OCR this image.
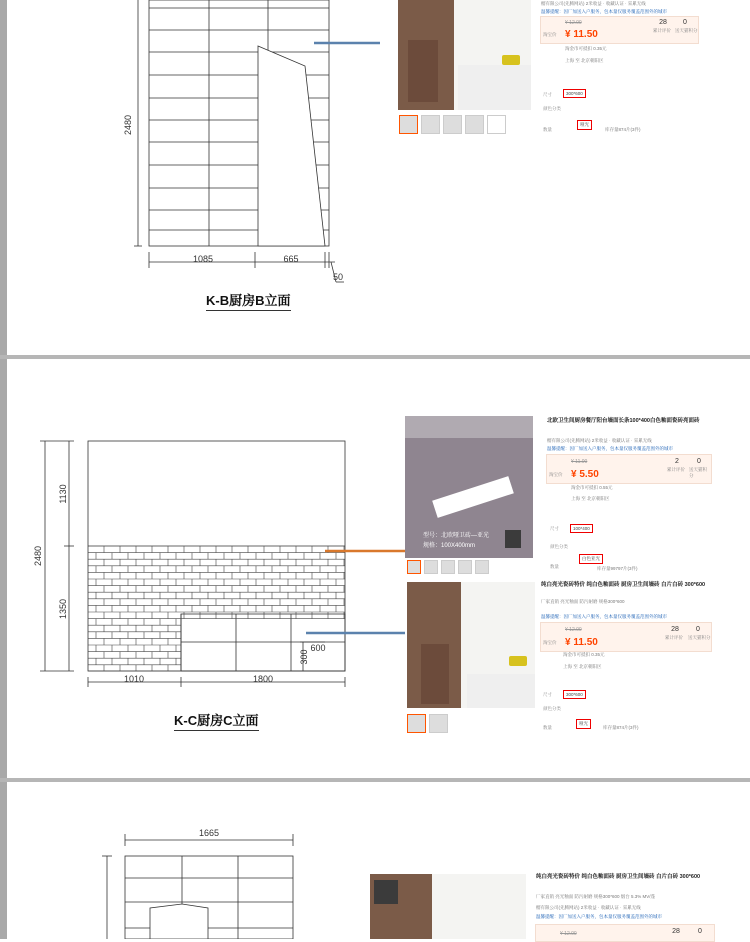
2480
1085	665
50
K-B厨房B立面
榴有限公司(先腾网站) 2米收益 · 收藏认证 · 采累无线
温馨提醒：因厂加送入户服务，包本量仅服务覆盖范围外的城市
¥ 12.00
淘宝价 ¥ 11.50
28
累计评价
0
送天猫积分
淘金币可抵扣 0.35元
上海 至 北京朝阳区
尺寸	300*600
颜色分类
哑光
数量	库存量874片(3件)
2480
1130
1350
1010	1800
600
300
K-C厨房C立面
型号：北欧哑卫砖—亚光
规格：100X400mm
北欧卫生间厨房餐厅阳台墙面长条100*400白色釉面瓷砖亮面砖
榴有限公司(先腾网站) 2米收益 · 收藏认证 · 采累无线
温馨提醒：因厂加送入户服务，包本量仅服务覆盖范围外的城市
¥ 11.00
淘宝价 ¥ 5.50
2
累计评价
0
送天猫积分
淘金币可抵扣 0.55元
上海 至 北京朝阳区
尺寸	100*400
颜色分类
白色亚光
数量	库存量99797片(3件)
纯白亮光瓷砖特价 纯白色釉面砖 厨房卫生间墙砖 白片白砖 300*600
厂家直销 亮光釉面 防污耐磨 规格300*600
温馨提醒：因厂加送入户服务，包本量仅服务覆盖范围外的城市
¥ 12.00
淘宝价 ¥ 11.50
28
累计评价
0
送天猫积分
淘金币可抵扣 0.35元
上海 至 北京朝阳区
尺寸	300*600
颜色分类
哑光
数量	库存量874片(3件)
1665
纯白亮光瓷砖特价 纯白色釉面砖 厨房卫生间墙砖 白片白砖 300*600
厂家直销 亮光釉面 防污耐磨 规格300*600 烟台 5.3% MV/蓬
榴有限公司(先腾网站) 2米收益 · 收藏认证 · 采累无线
温馨提醒：因厂加送入户服务，包本量仅服务覆盖范围外的城市
¥ 12.00	28	0
